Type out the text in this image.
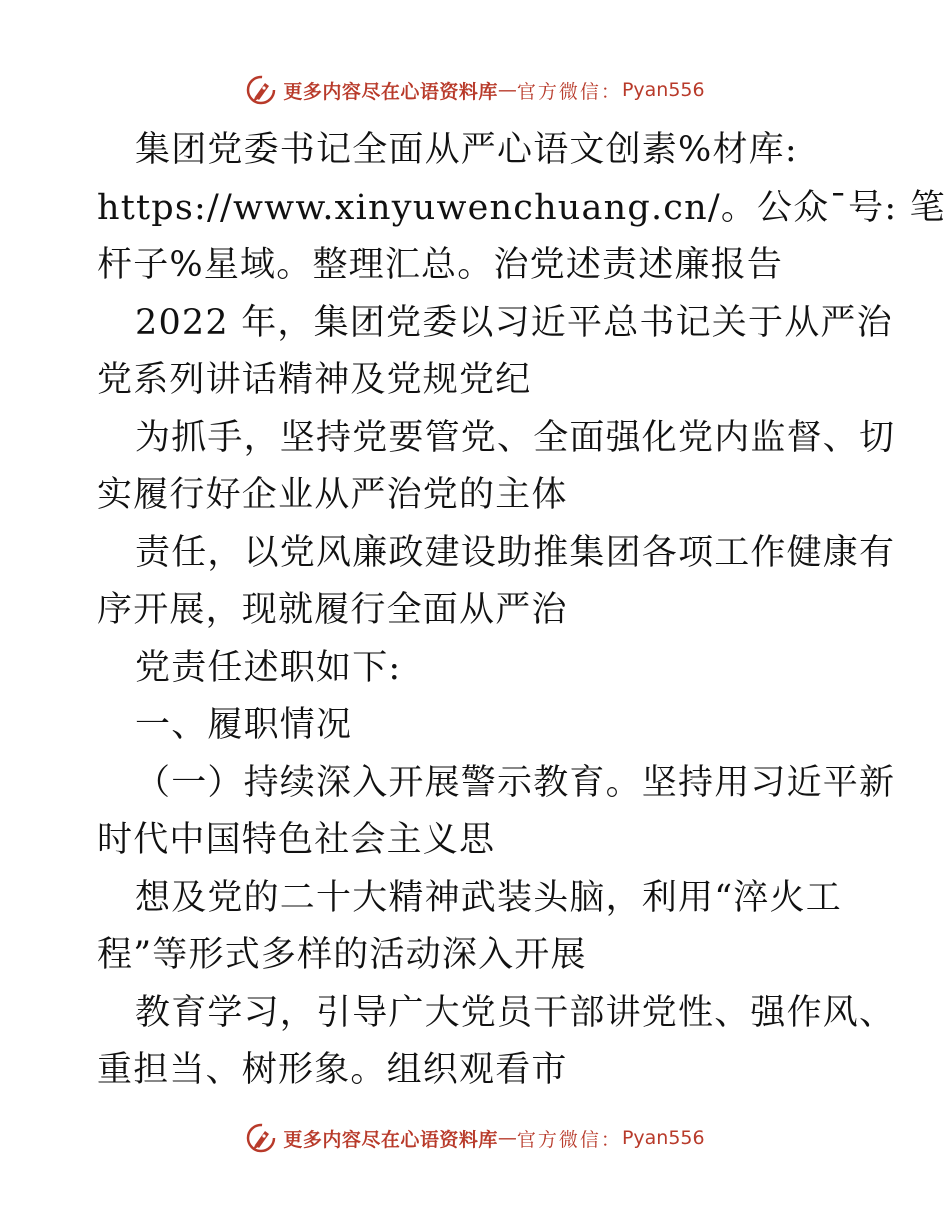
更多内容尽在心语资料库 — 官方微信： Pyan556
集团党委书记全面从严心语文创素%材库:
https://www.xinyuwenchuang.cn/。公众¯号: 笔
杆子%星域。整理汇总。治党述责述廉报告
2022 年，集团党委以习近平总书记关于从严治
党系列讲话精神及党规党纪
为抓手，坚持党要管党、全面强化党内监督、切
实履行好企业从严治党的主体
责任，以党风廉政建设助推集团各项工作健康有
序开展，现就履行全面从严治
党责任述职如下:
一、履职情况
（一）持续深入开展警示教育。坚持用习近平新
时代中国特色社会主义思
想及党的二十大精神武装头脑，利用“淬火工
程”等形式多样的活动深入开展
教育学习，引导广大党员干部讲党性、强作风、
重担当、树形象。组织观看市
更多内容尽在心语资料库 — 官方微信： Pyan556
